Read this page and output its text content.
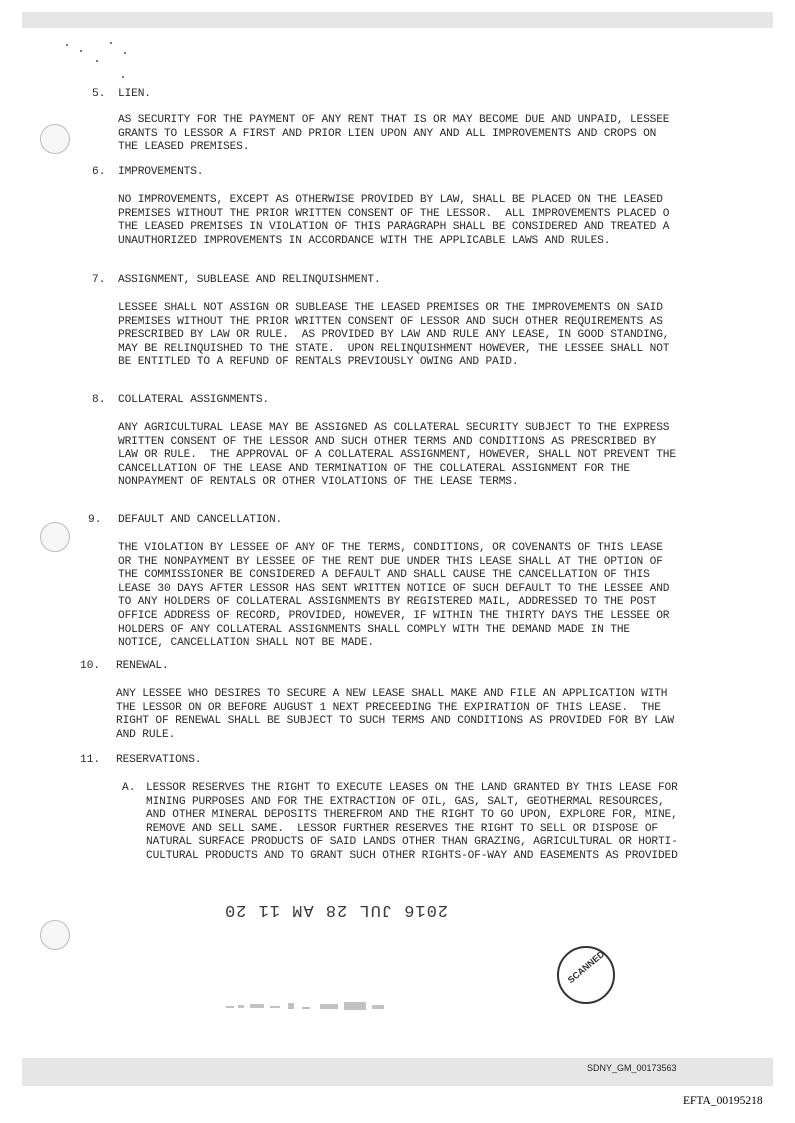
5. LIEN.
AS SECURITY FOR THE PAYMENT OF ANY RENT THAT IS OR MAY BECOME DUE AND UNPAID, LESSEE
GRANTS TO LESSOR A FIRST AND PRIOR LIEN UPON ANY AND ALL IMPROVEMENTS AND CROPS ON
THE LEASED PREMISES.
6. IMPROVEMENTS.
NO IMPROVEMENTS, EXCEPT AS OTHERWISE PROVIDED BY LAW, SHALL BE PLACED ON THE LEASED
PREMISES WITHOUT THE PRIOR WRITTEN CONSENT OF THE LESSOR.  ALL IMPROVEMENTS PLACED O
THE LEASED PREMISES IN VIOLATION OF THIS PARAGRAPH SHALL BE CONSIDERED AND TREATED A
UNAUTHORIZED IMPROVEMENTS IN ACCORDANCE WITH THE APPLICABLE LAWS AND RULES.
7. ASSIGNMENT, SUBLEASE AND RELINQUISHMENT.
LESSEE SHALL NOT ASSIGN OR SUBLEASE THE LEASED PREMISES OR THE IMPROVEMENTS ON SAID
PREMISES WITHOUT THE PRIOR WRITTEN CONSENT OF LESSOR AND SUCH OTHER REQUIREMENTS AS
PRESCRIBED BY LAW OR RULE.  AS PROVIDED BY LAW AND RULE ANY LEASE, IN GOOD STANDING,
MAY BE RELINQUISHED TO THE STATE.  UPON RELINQUISHMENT HOWEVER, THE LESSEE SHALL NOT
BE ENTITLED TO A REFUND OF RENTALS PREVIOUSLY OWING AND PAID.
8. COLLATERAL ASSIGNMENTS.
ANY AGRICULTURAL LEASE MAY BE ASSIGNED AS COLLATERAL SECURITY SUBJECT TO THE EXPRESS
WRITTEN CONSENT OF THE LESSOR AND SUCH OTHER TERMS AND CONDITIONS AS PRESCRIBED BY
LAW OR RULE.  THE APPROVAL OF A COLLATERAL ASSIGNMENT, HOWEVER, SHALL NOT PREVENT THE
CANCELLATION OF THE LEASE AND TERMINATION OF THE COLLATERAL ASSIGNMENT FOR THE
NONPAYMENT OF RENTALS OR OTHER VIOLATIONS OF THE LEASE TERMS.
9. DEFAULT AND CANCELLATION.
THE VIOLATION BY LESSEE OF ANY OF THE TERMS, CONDITIONS, OR COVENANTS OF THIS LEASE
OR THE NONPAYMENT BY LESSEE OF THE RENT DUE UNDER THIS LEASE SHALL AT THE OPTION OF
THE COMMISSIONER BE CONSIDERED A DEFAULT AND SHALL CAUSE THE CANCELLATION OF THIS
LEASE 30 DAYS AFTER LESSOR HAS SENT WRITTEN NOTICE OF SUCH DEFAULT TO THE LESSEE AND
TO ANY HOLDERS OF COLLATERAL ASSIGNMENTS BY REGISTERED MAIL, ADDRESSED TO THE POST
OFFICE ADDRESS OF RECORD, PROVIDED, HOWEVER, IF WITHIN THE THIRTY DAYS THE LESSEE OR
HOLDERS OF ANY COLLATERAL ASSIGNMENTS SHALL COMPLY WITH THE DEMAND MADE IN THE
NOTICE, CANCELLATION SHALL NOT BE MADE.
10. RENEWAL.
ANY LESSEE WHO DESIRES TO SECURE A NEW LEASE SHALL MAKE AND FILE AN APPLICATION WITH
THE LESSOR ON OR BEFORE AUGUST 1 NEXT PRECEEDING THE EXPIRATION OF THIS LEASE.  THE
RIGHT OF RENEWAL SHALL BE SUBJECT TO SUCH TERMS AND CONDITIONS AS PROVIDED FOR BY LAW
AND RULE.
11. RESERVATIONS.
A. LESSOR RESERVES THE RIGHT TO EXECUTE LEASES ON THE LAND GRANTED BY THIS LEASE FOR
MINING PURPOSES AND FOR THE EXTRACTION OF OIL, GAS, SALT, GEOTHERMAL RESOURCES,
AND OTHER MINERAL DEPOSITS THEREFROM AND THE RIGHT TO GO UPON, EXPLORE FOR, MINE,
REMOVE AND SELL SAME.  LESSOR FURTHER RESERVES THE RIGHT TO SELL OR DISPOSE OF
NATURAL SURFACE PRODUCTS OF SAID LANDS OTHER THAN GRAZING, AGRICULTURAL OR HORTI-
CULTURAL PRODUCTS AND TO GRANT SUCH OTHER RIGHTS-OF-WAY AND EASEMENTS AS PROVIDED
2016 JUL 28 AM 11 20
SCANNED
SDNY_GM_00173563
EFTA_00195218
